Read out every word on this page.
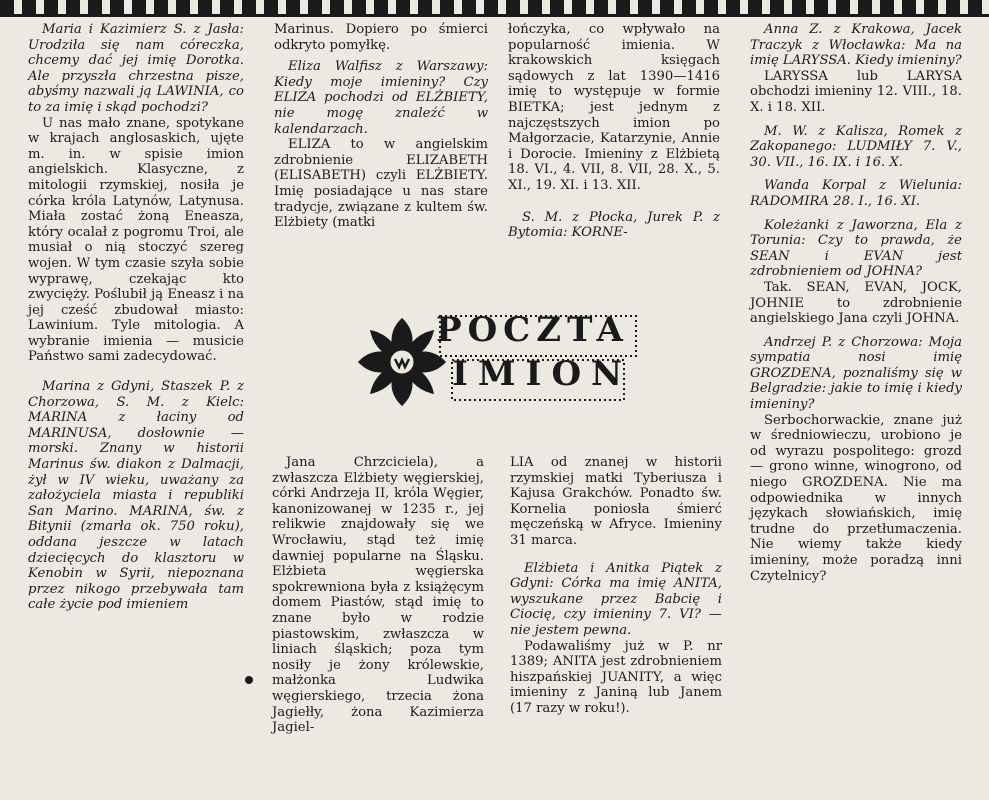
Maria i Kazimierz S. z Jasła: Urodziła się nam córeczka, chcemy dać jej imię Dorotka. Ale przyszła chrzestna pisze, abyśmy nazwali ją LAWINIA, co to za imię i skąd pochodzi?

U nas mało znane, spotykane w krajach anglosaskich, ujęte m. in. w spisie imion angielskich. Klasyczne, z mitologii rzymskiej, nosiła je córka króla Latynów, Latynusa. Miała zostać żoną Eneasza, który ocalał z pogromu Troi, ale musiał o nią stoczyć szereg wojen. W tym czasie szyła sobie wyprawę, czekając kto zwycięży. Poślubił ją Eneasz i na jej cześć zbudował miasto: Lawinium. Tyle mitologia. A wybranie imienia — musicie Państwo sami zadecydować.

Marina z Gdyni, Staszek P. z Chorzowa, S. M. z Kielc: MARINA z łaciny od MARINUSA, dosłownie — morski. Znany w historii Marinus św. diakon z Dalmacji, żył w IV wieku, uważany za założyciela miasta i republiki San Marino. MARINA, św. z Bitynii (zmarła ok. 750 roku), oddana jeszcze w latach dziecięcych do klasztoru w Kenobin w Syrii, niepoznana przez nikogo przebywała tam całe życie pod imieniem

Marinus. Dopiero po śmierci odkryto pomyłkę.

Eliza Walfisz z Warszawy: Kiedy moje imieniny? Czy ELIZA pochodzi od ELŻBIETY, nie mogę znaleźć w kalendarzach.

ELIZA to w angielskim zdrobnienie ELIZABETH (ELISABETH) czyli ELŻBIETY. Imię posiadające u nas stare tradycje, związane z kultem św. Elżbiety (matki

łończyka, co wpływało na popularność imienia. W krakowskich księgach sądowych z lat 1390—1416 imię to występuje w formie BIETKA; jest jednym z najczęstszych imion po Małgorzacie, Katarzynie, Annie i Dorocie. Imieniny z Elżbietą 18. VI., 4. VII, 8. VII, 28. X., 5. XI., 19. XI. i 13. XII.

S. M. z Płocka, Jurek P. z Bytomia: KORNE-

Anna Z. z Krakowa, Jacek Traczyk z Włocławka: Ma na imię LARYSSA. Kiedy imieniny?

LARYSSA lub LARYSA obchodzi imieniny 12. VIII., 18. X. i 18. XII.

M. W. z Kalisza, Romek z Zakopanego: LUDMIŁY 7. V., 30. VII., 16. IX. i 16. X.

Wanda Korpal z Wielunia: RADOMIRA 28. I., 16. XI.

Koleżanki z Jaworzna, Ela z Torunia: Czy to prawda, że SEAN i EVAN jest zdrobnieniem od JOHNA?

Tak. SEAN, EVAN, JOCK, JOHNIE to zdrobnienie angielskiego Jana czyli JOHNA.

Andrzej P. z Chorzowa: Moja sympatia nosi imię GROZDENA, poznaliśmy się w Belgradzie: jakie to imię i kiedy imieniny?

Serbochorwackie, znane już w średniowieczu, urobiono je od wyrazu pospolitego: grozd — grono winne, winogrono, od niego GROZDENA. Nie ma odpowiednika w innych językach słowiańskich, imię trudne do przetłumaczenia. Nie wiemy także kiedy imieniny, może poradzą inni Czytelnicy?

POCZTA
IMION

Jana Chrzciciela), a zwłaszcza Elżbiety węgierskiej, córki Andrzeja II, króla Węgier, kanonizowanej w 1235 r., jej relikwie znajdowały się we Wrocławiu, stąd też imię dawniej popularne na Śląsku. Elżbieta węgierska spokrewniona była z książęcym domem Piastów, stąd imię to znane było w rodzie piastowskim, zwłaszcza w liniach śląskich; poza tym nosiły je żony królewskie, małżonka Ludwika węgierskiego, trzecia żona Jagiełły, żona Kazimierza Jagiel-

LIA od znanej w historii rzymskiej matki Tyberiusza i Kajusa Grakchów. Ponadto św. Kornelia poniosła śmierć męczeńską w Afryce. Imieniny 31 marca.

Elżbieta i Anitka Piątek z Gdyni: Córka ma imię ANITA, wyszukane przez Babcię i Ciocię, czy imieniny 7. VI? — nie jestem pewna.

Podawaliśmy już w P. nr 1389; ANITA jest zdrobnieniem hiszpańskiej JUANITY, a więc imieniny z Janiną lub Janem (17 razy w roku!).
